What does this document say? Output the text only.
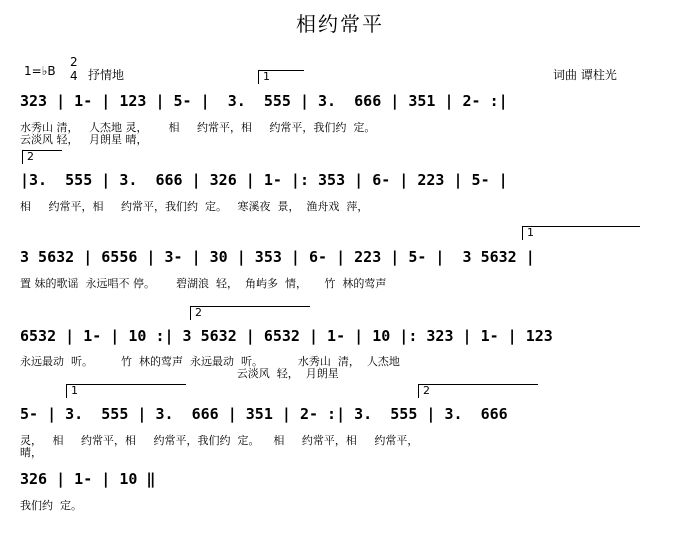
相约常平
1=♭B
2
4 抒情地	词曲 谭柱光
1
323 | 1- | 123 | 5- |  3.  555 | 3.  666 | 351 | 2- :|
水秀山 清，   人杰地 灵，      相     约常平，相     约常平，我们约  定。
云淡风 轻，   月朗星 晴，
2
|3.  555 | 3.  666 | 326 | 1- |: 353 | 6- | 223 | 5- |
相     约常平，相     约常平，我们约  定。   寒溪夜  景，  渔舟戏  萍，
1
3 5632 | 6556 | 3- | 30 | 353 | 6- | 223 | 5- |  3 5632 |
置 妹的歌谣  永远唱不 停。      碧湖浪  轻，  角屿多  情，     竹  林的莺声
2
6532 | 1- | 10 :| 3 5632 | 6532 | 1- | 10 |: 323 | 1- | 123
永远最动  听。        竹  林的莺声  永远最动  听。          水秀山  清，  人杰地
云淡风  轻，  月朗星
1	2
5- | 3.  555 | 3.  666 | 351 | 2- :| 3.  555 | 3.  666
灵，   相     约常平，相     约常平，我们约  定。    相     约常平，相     约常平，
晴，
326 | 1- | 10 ‖
我们约  定。
